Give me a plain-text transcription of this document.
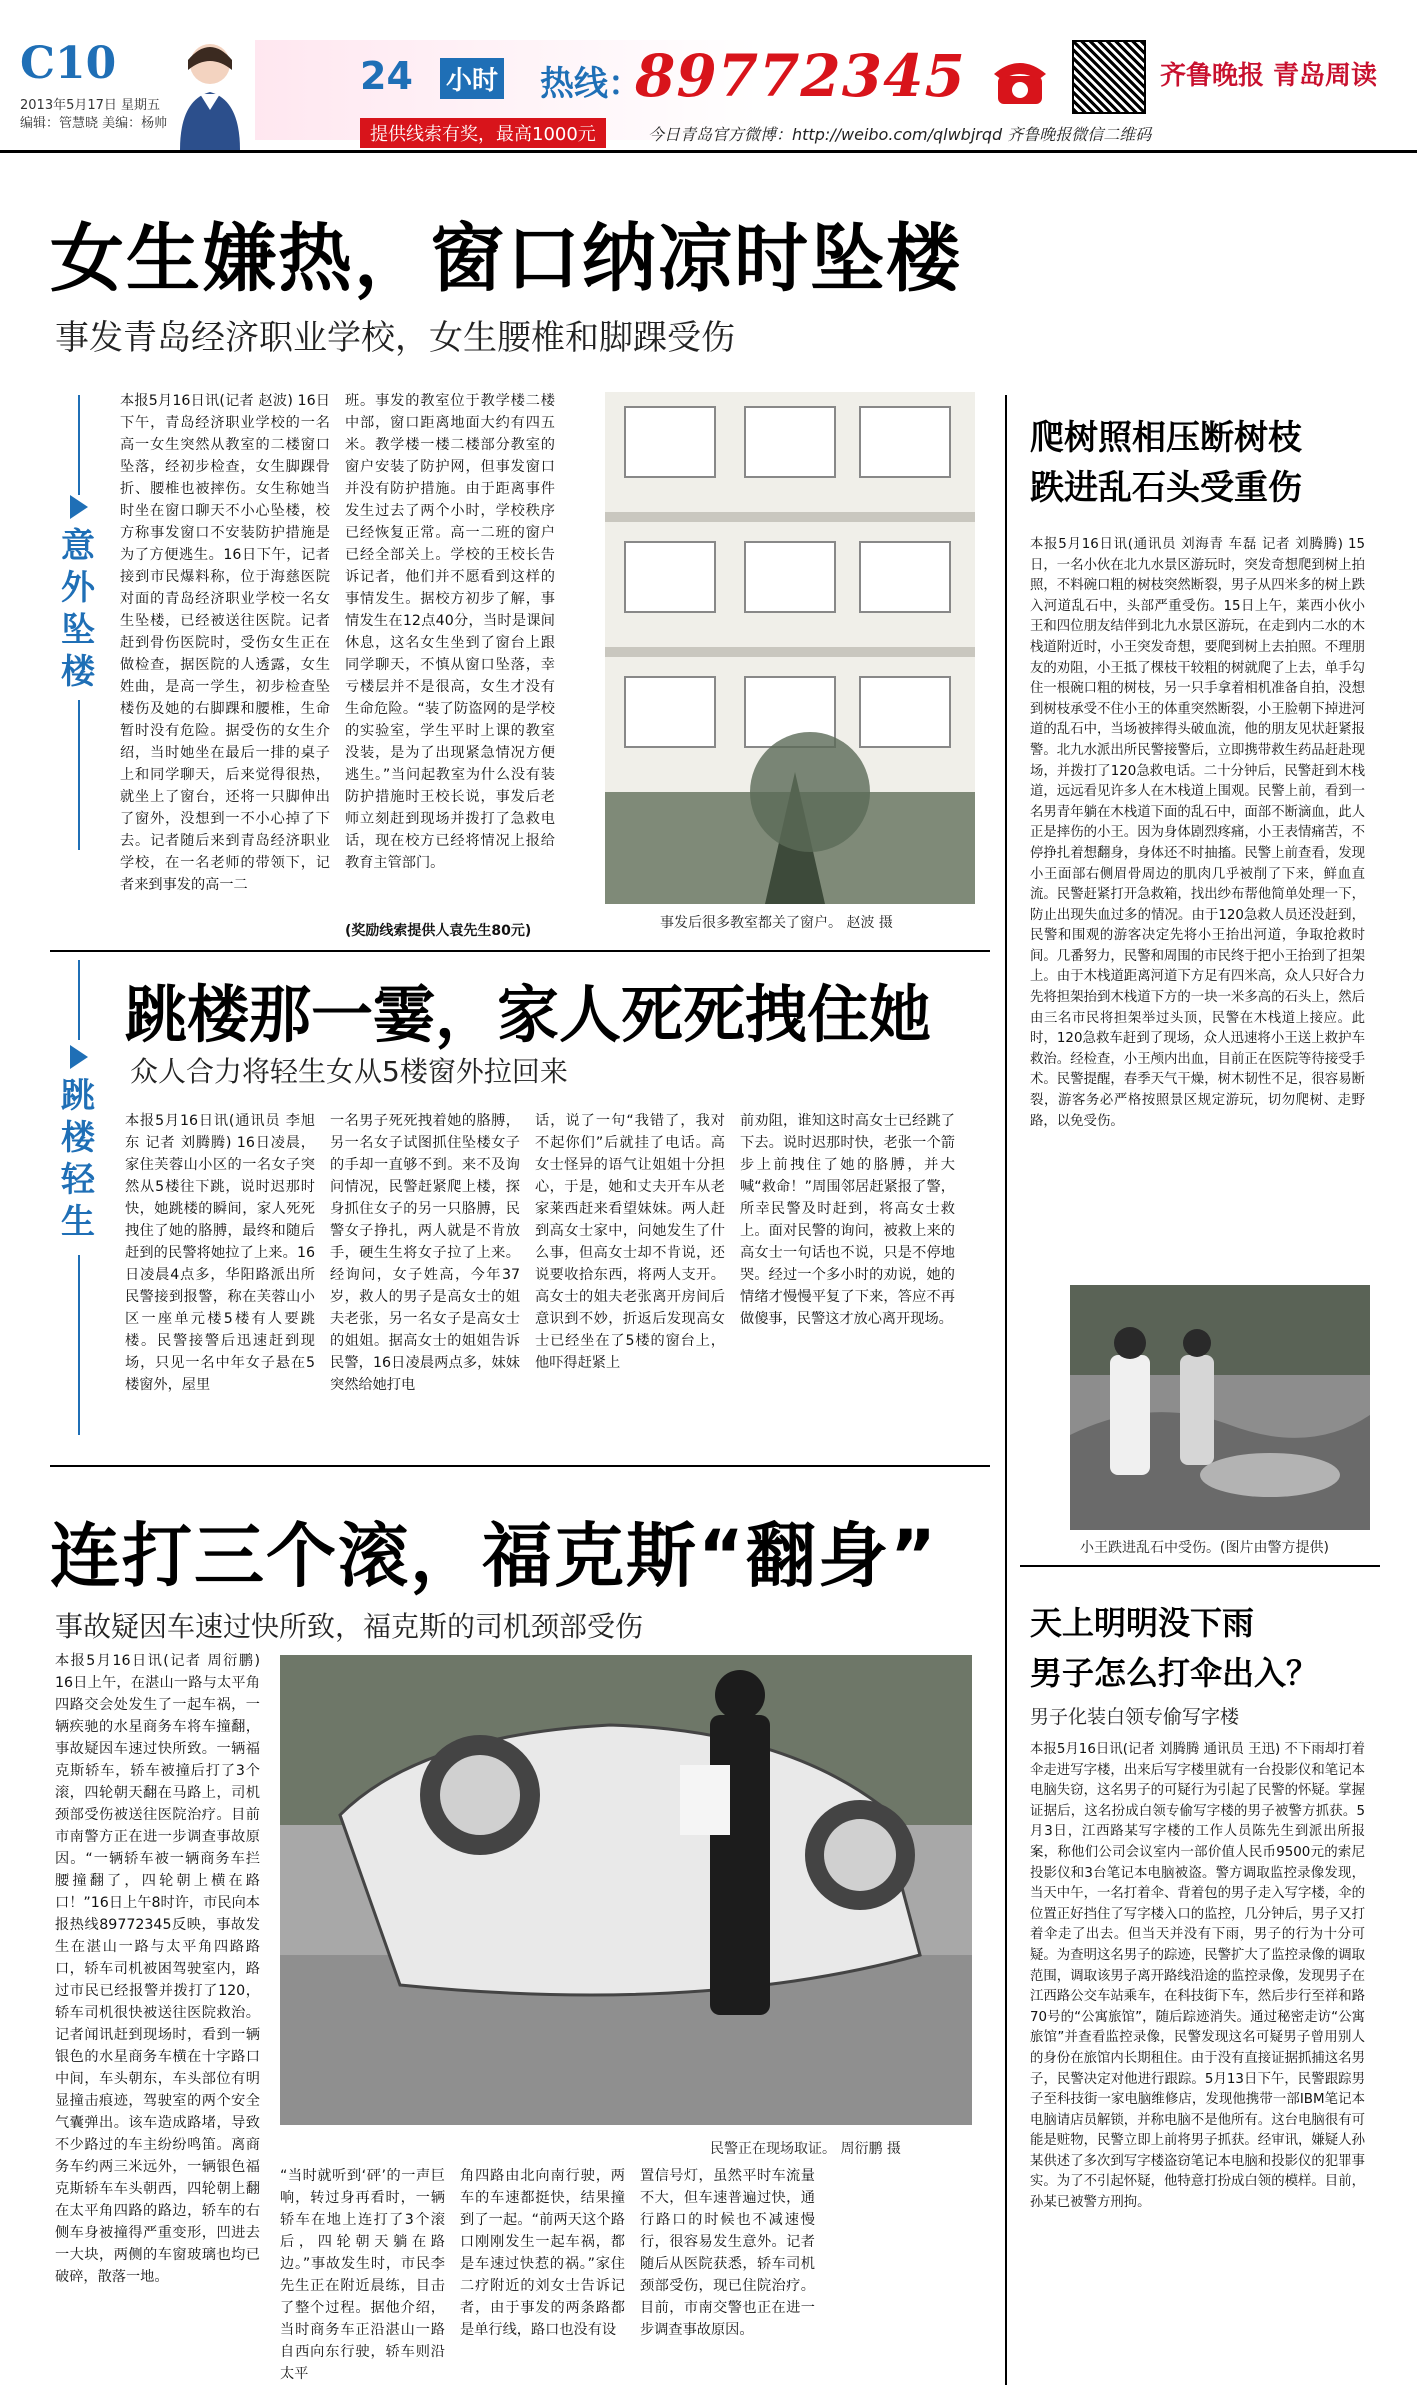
C10
2013年5月17日 星期五
编辑：管慧晓 美编：杨帅
24 小时 热线：
89772345
提供线索有奖，最高1000元	今日青岛官方微博：http://weibo.com/qlwbjrqd 齐鲁晚报微信二维码
齐鲁晚报 青岛周读
女生嫌热，窗口纳凉时坠楼
事发青岛经济职业学校，女生腰椎和脚踝受伤
意
外
坠
楼
本报5月16日讯(记者 赵波) 16日下午，青岛经济职业学校的一名高一女生突然从教室的二楼窗口坠落，经初步检查，女生脚踝骨折、腰椎也被摔伤。女生称她当时坐在窗口聊天不小心坠楼，校方称事发窗口不安装防护措施是为了方便逃生。16日下午，记者接到市民爆料称，位于海慈医院对面的青岛经济职业学校一名女生坠楼，已经被送往医院。记者赶到骨伤医院时，受伤女生正在做检查，据医院的人透露，女生姓曲，是高一学生，初步检查坠楼伤及她的右脚踝和腰椎，生命暂时没有危险。据受伤的女生介绍，当时她坐在最后一排的桌子上和同学聊天，后来觉得很热，就坐上了窗台，还将一只脚伸出了窗外，没想到一不小心掉了下去。记者随后来到青岛经济职业学校，在一名老师的带领下，记者来到事发的高一二
班。事发的教室位于教学楼二楼中部，窗口距离地面大约有四五米。教学楼一楼二楼部分教室的窗户安装了防护网，但事发窗口并没有防护措施。由于距离事件发生过去了两个小时，学校秩序已经恢复正常。高一二班的窗户已经全部关上。学校的王校长告诉记者，他们并不愿看到这样的事情发生。据校方初步了解，事情发生在12点40分，当时是课间休息，这名女生坐到了窗台上跟同学聊天，不慎从窗口坠落，幸亏楼层并不是很高，女生才没有生命危险。“装了防盗网的是学校的实验室，学生平时上课的教室没装，是为了出现紧急情况方便逃生。”当问起教室为什么没有装防护措施时王校长说，事发后老师立刻赶到现场并拨打了急救电话，现在校方已经将情况上报给教育主管部门。
(奖励线索提供人袁先生80元)	事发后很多教室都关了窗户。 赵波 摄
跳楼那一霎，家人死死拽住她
众人合力将轻生女从5楼窗外拉回来
跳
楼
轻
生
本报5月16日讯(通讯员 李旭东 记者 刘腾腾) 16日凌晨，家住芙蓉山小区的一名女子突然从5楼往下跳，说时迟那时快，她跳楼的瞬间，家人死死拽住了她的胳膊，最终和随后赶到的民警将她拉了上来。16日凌晨4点多，华阳路派出所民警接到报警，称在芙蓉山小区一座单元楼5楼有人要跳楼。民警接警后迅速赶到现场，只见一名中年女子悬在5楼窗外，屋里
一名男子死死拽着她的胳膊，另一名女子试图抓住坠楼女子的手却一直够不到。来不及询问情况，民警赶紧爬上楼，探身抓住女子的另一只胳膊，民警女子挣扎，两人就是不肯放手，硬生生将女子拉了上来。经询问，女子姓高，今年37岁，救人的男子是高女士的姐夫老张，另一名女子是高女士的姐姐。据高女士的姐姐告诉民警，16日凌晨两点多，妹妹突然给她打电
话，说了一句“我错了，我对不起你们”后就挂了电话。高女士怪异的语气让姐姐十分担心，于是，她和丈夫开车从老家莱西赶来看望妹妹。两人赶到高女士家中，问她发生了什么事，但高女士却不肯说，还说要收拾东西，将两人支开。高女士的姐夫老张离开房间后意识到不妙，折返后发现高女士已经坐在了5楼的窗台上，他吓得赶紧上
前劝阻，谁知这时高女士已经跳了下去。说时迟那时快，老张一个箭步上前拽住了她的胳膊，并大喊“救命！”周围邻居赶紧报了警，所幸民警及时赶到，将高女士救上。面对民警的询问，被救上来的高女士一句话也不说，只是不停地哭。经过一个多小时的劝说，她的情绪才慢慢平复了下来，答应不再做傻事，民警这才放心离开现场。
连打三个滚，福克斯“翻身”
事故疑因车速过快所致，福克斯的司机颈部受伤
本报5月16日讯(记者 周衍鹏) 16日上午，在湛山一路与太平角四路交会处发生了一起车祸，一辆疾驰的水星商务车将车撞翻，事故疑因车速过快所致。一辆福克斯轿车，轿车被撞后打了3个滚，四轮朝天翻在马路上，司机颈部受伤被送往医院治疗。目前市南警方正在进一步调查事故原因。“一辆轿车被一辆商务车拦腰撞翻了，四轮朝上横在路口！”16日上午8时许，市民向本报热线89772345反映，事故发生在湛山一路与太平角四路路口，轿车司机被困驾驶室内，路过市民已经报警并拨打了120，轿车司机很快被送往医院救治。记者闻讯赶到现场时，看到一辆银色的水星商务车横在十字路口中间，车头朝东，车头部位有明显撞击痕迹，驾驶室的两个安全气囊弹出。该车造成路堵，导致不少路过的车主纷纷鸣笛。离商务车约两三米远外，一辆银色福克斯轿车车头朝西，四轮朝上翻在太平角四路的路边，轿车的右侧车身被撞得严重变形，凹进去一大块，两侧的车窗玻璃也均已破碎，散落一地。
民警正在现场取证。 周衍鹏 摄
“当时就听到‘砰’的一声巨响，转过身再看时，一辆轿车在地上连打了3个滚后，四轮朝天躺在路边。”事故发生时，市民李先生正在附近晨练，目击了整个过程。据他介绍，当时商务车正沿湛山一路自西向东行驶，轿车则沿太平
角四路由北向南行驶，两车的车速都挺快，结果撞到了一起。“前两天这个路口刚刚发生一起车祸，都是车速过快惹的祸。”家住二疗附近的刘女士告诉记者，由于事发的两条路都是单行线，路口也没有设
置信号灯，虽然平时车流量不大，但车速普遍过快，通行路口的时候也不减速慢行，很容易发生意外。记者随后从医院获悉，轿车司机颈部受伤，现已住院治疗。目前，市南交警也正在进一步调查事故原因。
爬树照相压断树枝
跌进乱石头受重伤
本报5月16日讯(通讯员 刘海青 车磊 记者 刘腾腾) 15日，一名小伙在北九水景区游玩时，突发奇想爬到树上拍照，不料碗口粗的树枝突然断裂，男子从四米多的树上跌入河道乱石中，头部严重受伤。15日上午，莱西小伙小王和四位朋友结伴到北九水景区游玩，在走到内二水的木栈道附近时，小王突发奇想，要爬到树上去拍照。不理朋友的劝阻，小王抵了棵枝干较粗的树就爬了上去，单手勾住一根碗口粗的树枝，另一只手拿着相机准备自拍，没想到树枝承受不住小王的体重突然断裂，小王脸朝下掉进河道的乱石中，当场被摔得头破血流，他的朋友见状赶紧报警。北九水派出所民警接警后，立即携带救生药品赶赴现场，并拨打了120急救电话。二十分钟后，民警赶到木栈道，远远看见许多人在木栈道上围观。民警上前，看到一名男青年躺在木栈道下面的乱石中，面部不断滴血，此人正是摔伤的小王。因为身体剧烈疼痛，小王表情痛苦，不停挣扎着想翻身，身体还不时抽搐。民警上前查看，发现小王面部右侧眉骨周边的肌肉几乎被削了下来，鲜血直流。民警赶紧打开急救箱，找出纱布帮他简单处理一下，防止出现失血过多的情况。由于120急救人员还没赶到，民警和围观的游客决定先将小王抬出河道，争取抢救时间。几番努力，民警和周围的市民终于把小王抬到了担架上。由于木栈道距离河道下方足有四米高，众人只好合力先将担架抬到木栈道下方的一块一米多高的石头上，然后由三名市民将担架举过头顶，民警在木栈道上接应。此时，120急救车赶到了现场，众人迅速将小王送上救护车救治。经检查，小王颅内出血，目前正在医院等待接受手术。民警提醒，春季天气干燥，树木韧性不足，很容易断裂，游客务必严格按照景区规定游玩，切勿爬树、走野路，以免受伤。
小王跌进乱石中受伤。(图片由警方提供)
天上明明没下雨
男子怎么打伞出入？
男子化装白领专偷写字楼
本报5月16日讯(记者 刘腾腾 通讯员 王迅) 不下雨却打着伞走进写字楼，出来后写字楼里就有一台投影仪和笔记本电脑失窃，这名男子的可疑行为引起了民警的怀疑。掌握证据后，这名扮成白领专偷写字楼的男子被警方抓获。5月3日，江西路某写字楼的工作人员陈先生到派出所报案，称他们公司会议室内一部价值人民币9500元的索尼投影仪和3台笔记本电脑被盗。警方调取监控录像发现，当天中午，一名打着伞、背着包的男子走入写字楼，伞的位置正好挡住了写字楼入口的监控，几分钟后，男子又打着伞走了出去。但当天并没有下雨，男子的行为十分可疑。为查明这名男子的踪迹，民警扩大了监控录像的调取范围，调取该男子离开路线沿途的监控录像，发现男子在江西路公交车站乘车，在科技街下车，然后步行至祥和路70号的“公寓旅馆”，随后踪迹消失。通过秘密走访“公寓旅馆”并查看监控录像，民警发现这名可疑男子曾用别人的身份在旅馆内长期租住。由于没有直接证据抓捕这名男子，民警决定对他进行跟踪。5月13日下午，民警跟踪男子至科技街一家电脑维修店，发现他携带一部IBM笔记本电脑请店员解锁，并称电脑不是他所有。这台电脑很有可能是赃物，民警立即上前将男子抓获。经审讯，嫌疑人孙某供述了多次到写字楼盗窃笔记本电脑和投影仪的犯罪事实。为了不引起怀疑，他特意打扮成白领的模样。目前，孙某已被警方刑拘。
